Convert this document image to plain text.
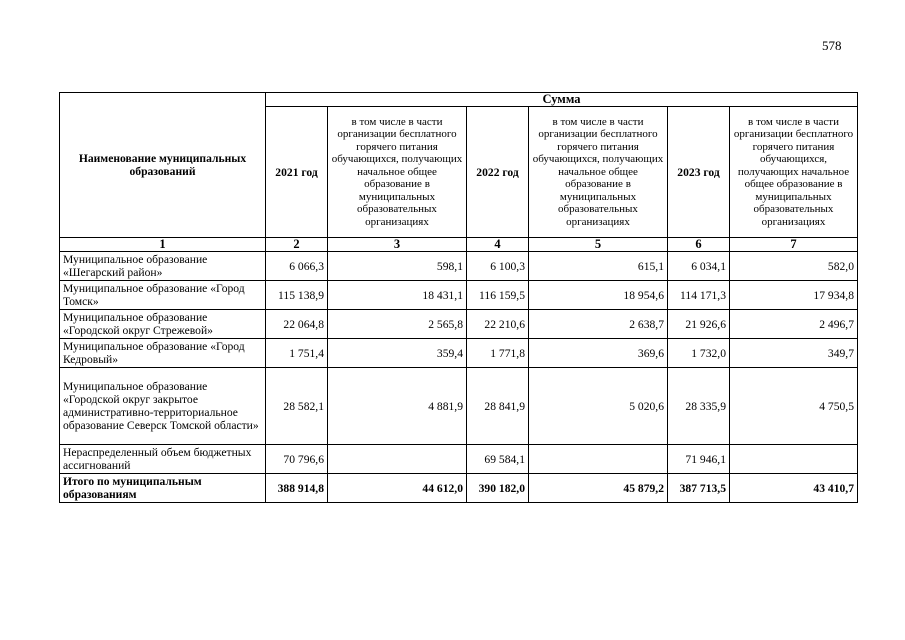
578
Наименование муниципальных образований	Сумма					
	2021 год	в том числе в части организации бесплатного горячего питания обучающихся, получающих начальное общее образование в муниципальных образовательных организациях	2022 год	в том числе в части организации бесплатного горячего питания обучающихся, получающих начальное общее образование в муниципальных образовательных организациях	2023 год	в том числе в части организации бесплатного горячего питания обучающихся, получающих начальное общее образование в муниципальных образовательных организациях
1	2	3	4	5	6	7
Муниципальное образование «Шегарский район»	6 066,3	598,1	6 100,3	615,1	6 034,1	582,0
Муниципальное образование «Город Томск»	115 138,9	18 431,1	116 159,5	18 954,6	114 171,3	17 934,8
Муниципальное образование «Городской округ Стрежевой»	22 064,8	2 565,8	22 210,6	2 638,7	21 926,6	2 496,7
Муниципальное образование «Город Кедровый»	1 751,4	359,4	1 771,8	369,6	1 732,0	349,7
Муниципальное образование «Городской округ закрытое административно-территориальное образование Северск Томской области»	28 582,1	4 881,9	28 841,9	5 020,6	28 335,9	4 750,5
Нераспределенный объем бюджетных ассигнований	70 796,6		69 584,1		71 946,1	
Итого по муниципальным образованиям	388 914,8	44 612,0	390 182,0	45 879,2	387 713,5	43 410,7
